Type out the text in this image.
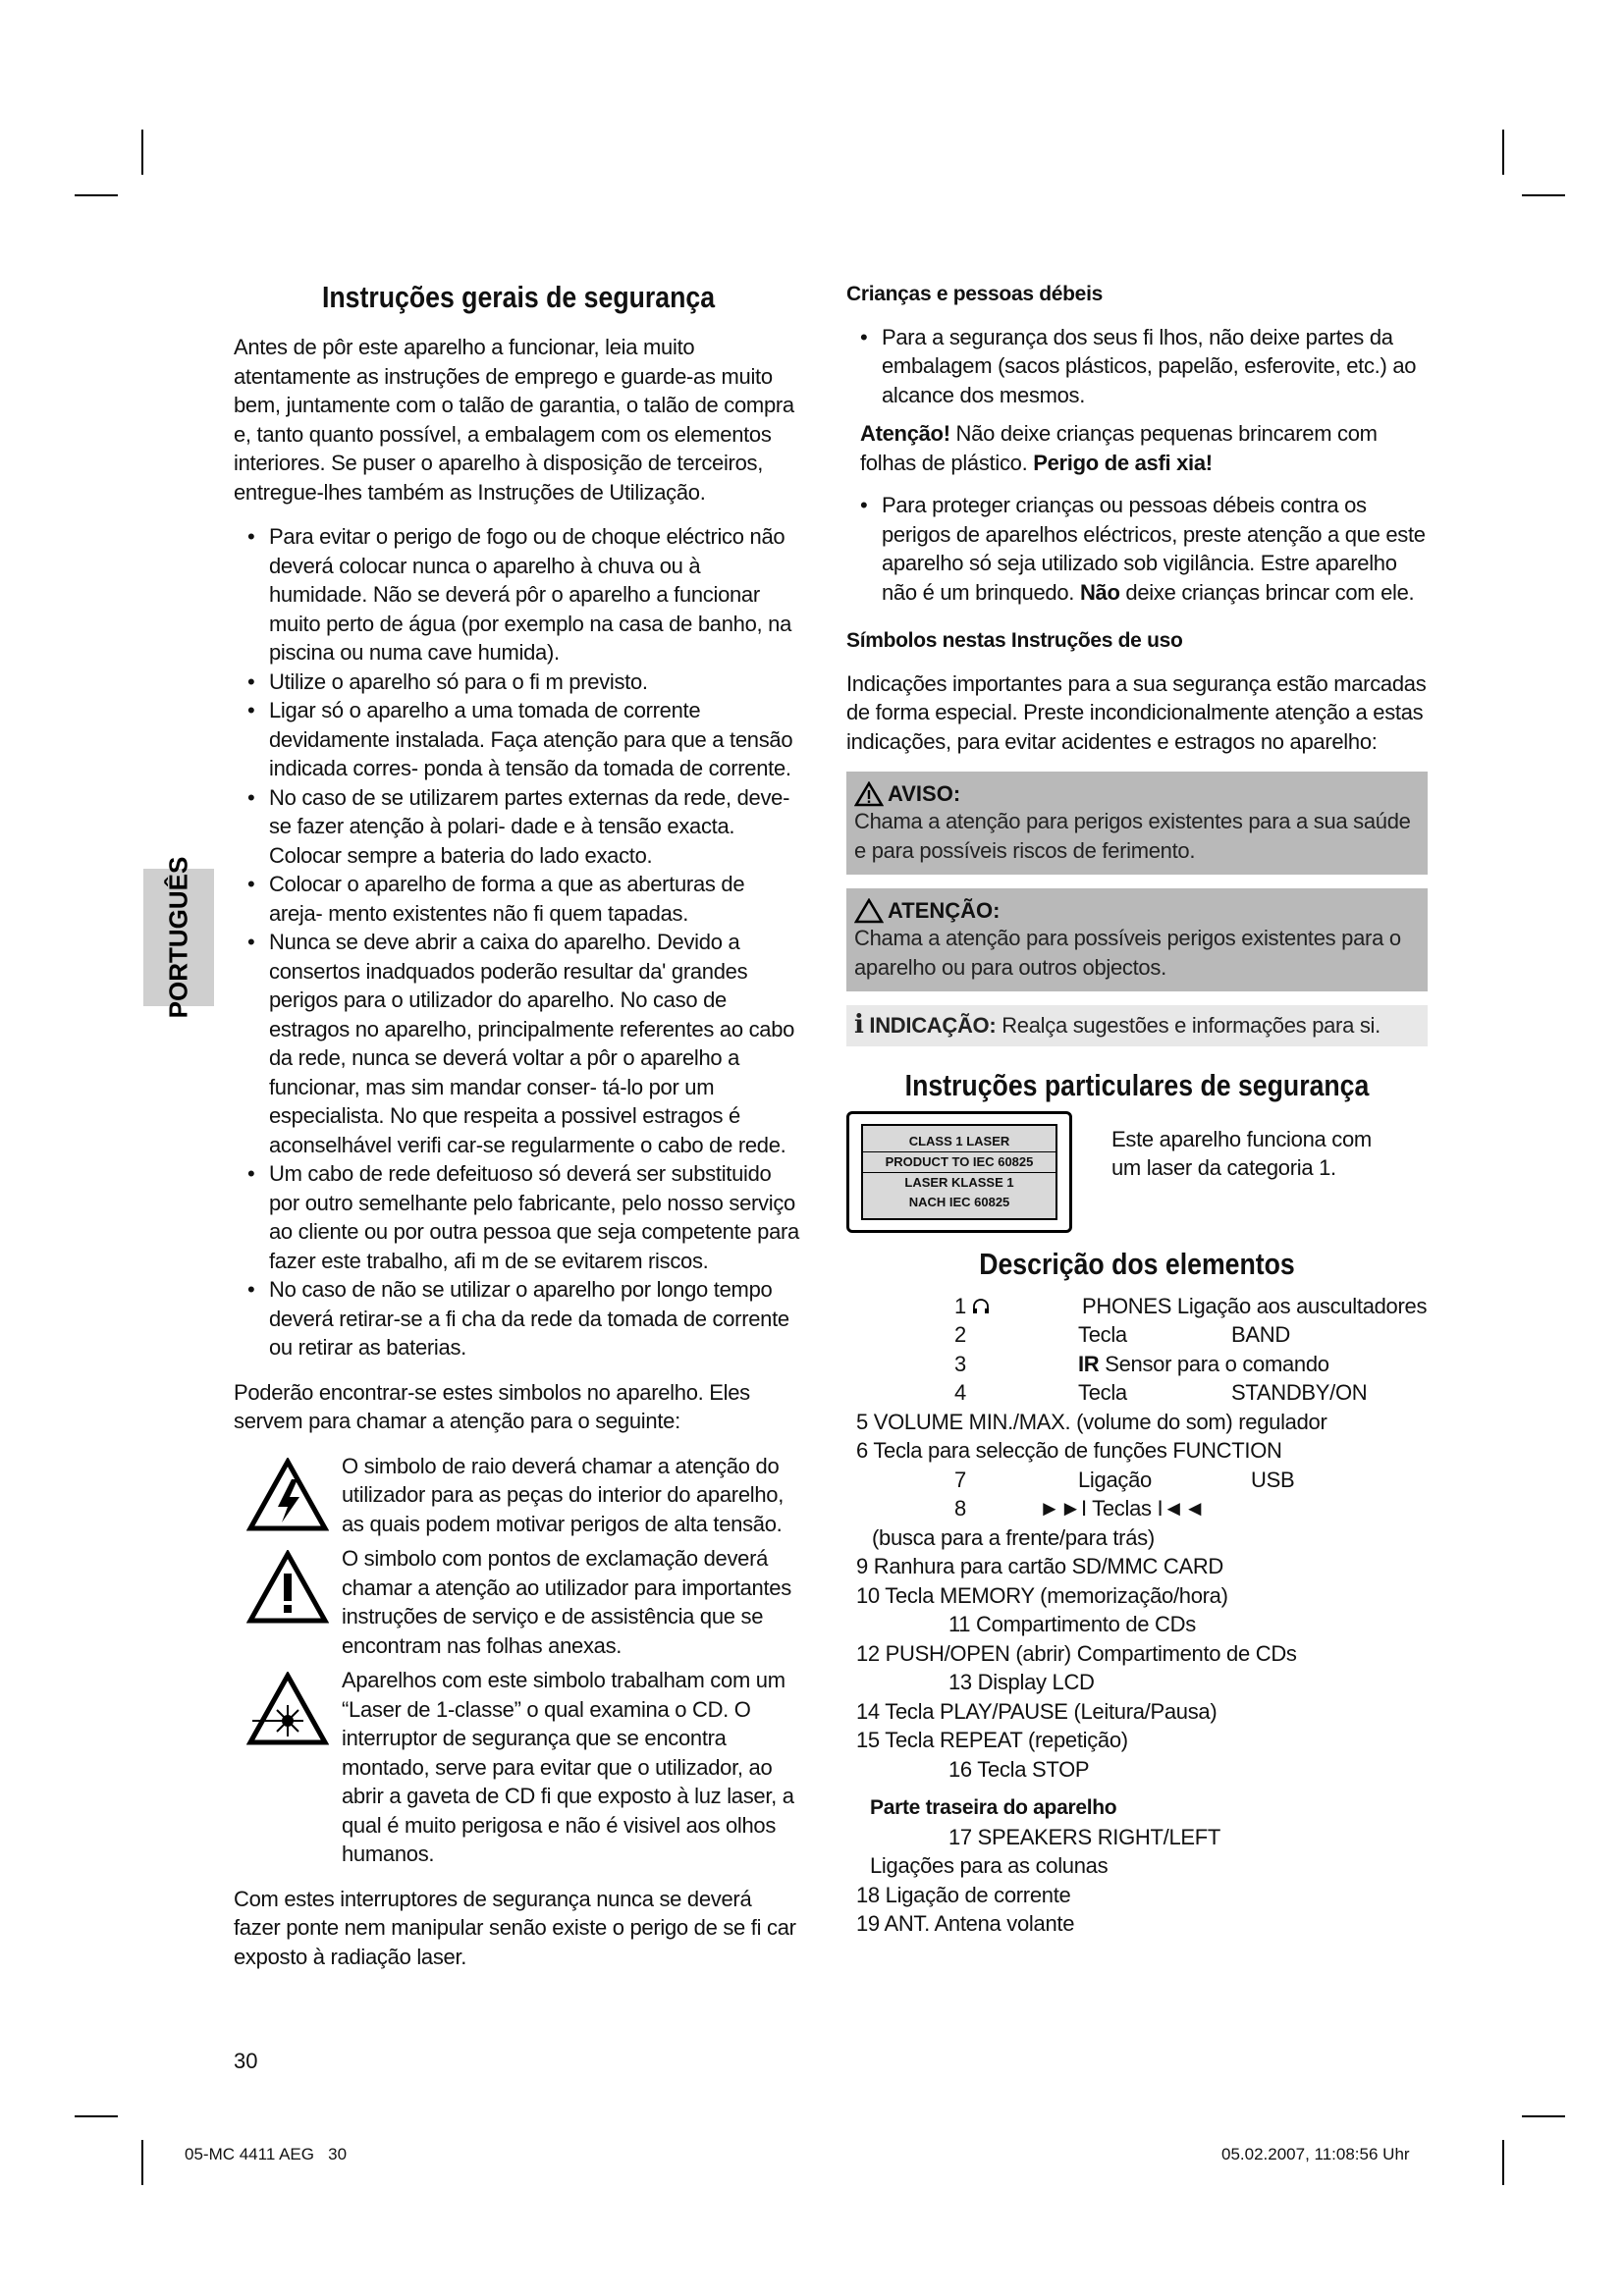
PORTUGUÊS
Instruções gerais de segurança

Antes de pôr este aparelho a funcionar, leia muito atentamente as instruções de emprego e guarde-as muito bem, juntamente com o talão de garantia, o talão de compra e, tanto quanto possível, a embalagem com os elementos interiores. Se puser o aparelho à disposição de terceiros, entregue-lhes também as Instruções de Utilização.

• Para evitar o perigo de fogo ou de choque eléctrico não deverá colocar nunca o aparelho à chuva ou à humidade. Não se deverá pôr o aparelho a funcionar muito perto de água (por exemplo na casa de banho, na piscina ou numa cave humida).
• Utilize o aparelho só para o fi m previsto.
• Ligar só o aparelho a uma tomada de corrente devidamente instalada. Faça atenção para que a tensão indicada corres- ponda à tensão da tomada de corrente.
• No caso de se utilizarem partes externas da rede, deve-se fazer atenção à polari- dade e à tensão exacta. Colocar sempre a bateria do lado exacto.
• Colocar o aparelho de forma a que as aberturas de areja- mento existentes não fi quem tapadas.
• Nunca se deve abrir a caixa do aparelho. Devido a consertos inadquados poderão resultar da' grandes perigos para o utilizador do aparelho. No caso de estragos no aparelho, principalmente referentes ao cabo da rede, nunca se deverá voltar a pôr o aparelho a funcionar, mas sim mandar conser- tá-lo por um especialista. No que respeita a possivel estragos é aconselhável verifi car-se regularmente o cabo de rede.
• Um cabo de rede defeituoso só deverá ser substituido por outro semelhante pelo fabricante, pelo nosso serviço ao cliente ou por outra pessoa que seja competente para fazer este trabalho, afi m de se evitarem riscos.
• No caso de não se utilizar o aparelho por longo tempo deverá retirar-se a fi cha da rede da tomada de corrente ou retirar as baterias.

Poderão encontrar-se estes simbolos no aparelho. Eles servem para chamar a atenção para o seguinte:

O simbolo de raio deverá chamar a atenção do utilizador para as peças do interior do aparelho, as quais podem motivar perigos de alta tensão.

O simbolo com pontos de exclamação deverá chamar a atenção ao utilizador para importantes instruções de serviço e de assistência que se encontram nas folhas anexas.

Aparelhos com este simbolo trabalham com um “Laser de 1-classe” o qual examina o CD. O interruptor de segurança que se encontra montado, serve para evitar que o utilizador, ao abrir a gaveta de CD fi que exposto à luz laser, a qual é muito perigosa e não é visivel aos olhos humanos.

Com estes interruptores de segurança nunca se deverá fazer ponte nem manipular senão existe o perigo de se fi car exposto à radiação laser.

Crianças e pessoas débeis

• Para a segurança dos seus fi lhos, não deixe partes da embalagem (sacos plásticos, papelão, esferovite, etc.) ao alcance dos mesmos.

Atenção! Não deixe crianças pequenas brincarem com folhas de plástico. Perigo de asfi xia!

• Para proteger crianças ou pessoas débeis contra os perigos de aparelhos eléctricos, preste atenção a que este aparelho só seja utilizado sob vigilância. Estre aparelho não é um brinquedo. Não deixe crianças brincar com ele.

Símbolos nestas Instruções de uso

Indicações importantes para a sua segurança estão marcadas de forma especial. Preste incondicionalmente atenção a estas indicações, para evitar acidentes e estragos no aparelho:

AVISO:

Chama a atenção para perigos existentes para a sua saúde e para possíveis riscos de ferimento.

ATENÇÃO:

Chama a atenção para possíveis perigos existentes para o aparelho ou para outros objectos.

i INDICAÇÃO: Realça sugestões e informações para si.

Instruções particulares de segurança
CLASS 1 LASER
PRODUCT TO IEC 60825
LASER KLASSE 1
NACH IEC 60825

Este aparelho funciona com um laser da categoria 1.

Descrição dos elementos
1	PHONES Ligação aos auscultadores
2	Tecla	BAND
3	IR Sensor para o comando
4	Tecla	STANDBY/ON
5 VOLUME MIN./MAX. (volume do som) regulador
6 Tecla para selecção de funções FUNCTION
7	Ligação	USB
8	►►I Teclas I◄◄
(busca para a frente/para trás)
9 Ranhura para cartão SD/MMC CARD
10 Tecla MEMORY (memorização/hora)
11 Compartimento de CDs
12 PUSH/OPEN (abrir) Compartimento de CDs
13 Display LCD
14 Tecla PLAY/PAUSE (Leitura/Pausa)
15 Tecla REPEAT (repetição)
16 Tecla STOP

Parte traseira do aparelho

17 SPEAKERS RIGHT/LEFT
Ligações para as colunas
18 Ligação de corrente
19 ANT. Antena volante
30
05-MC 4411 AEG   30	05.02.2007, 11:08:56 Uhr
